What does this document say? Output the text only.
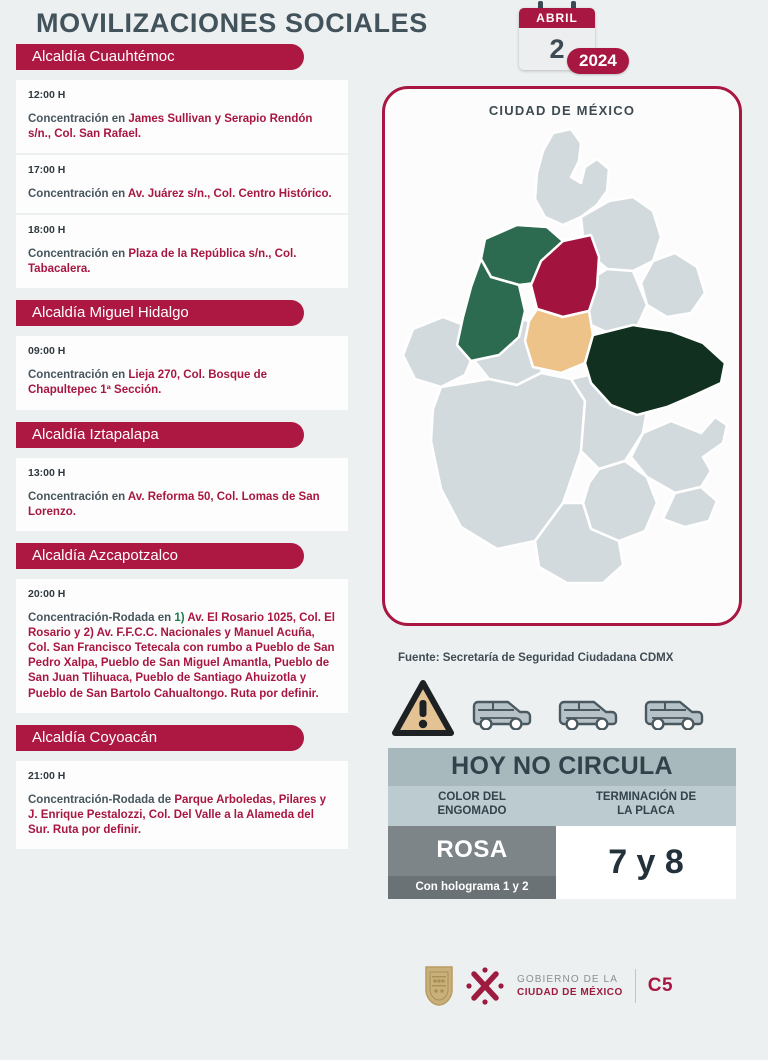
MOVILIZACIONES SOCIALES	ABRIL
2 2024
Alcaldía Cuauhtémoc
12:00 H
Concentración en James Sullivan y Serapio Rendón s/n., Col. San Rafael.
17:00 H
Concentración en Av. Juárez s/n., Col. Centro Histórico.
18:00 H
Concentración en Plaza de la República s/n., Col. Tabacalera.
Alcaldía Miguel Hidalgo
09:00 H
Concentración en Lieja 270, Col. Bosque de Chapultepec 1ª Sección.
Alcaldía Iztapalapa
13:00 H
Concentración en Av. Reforma 50, Col. Lomas de San Lorenzo.
Alcaldía Azcapotzalco
20:00 H
Concentración-Rodada en 1) Av. El Rosario 1025, Col. El Rosario y 2) Av. F.F.C.C. Nacionales y Manuel Acuña, Col. San Francisco Tetecala con rumbo a Pueblo de San Pedro Xalpa, Pueblo de San Miguel Amantla, Pueblo de San Juan Tlihuaca, Pueblo de Santiago Ahuizotla y Pueblo de San Bartolo Cahualtongo. Ruta por definir.
Alcaldía Coyoacán
21:00 H
Concentración-Rodada de Parque Arboledas, Pilares y J. Enrique Pestalozzi, Col. Del Valle a la Alameda del Sur. Ruta por definir.
CIUDAD DE MÉXICO
Fuente: Secretaría de Seguridad Ciudadana CDMX
HOY NO CIRCULA
COLOR DEL
ENGOMADO
TERMINACIÓN DE
LA PLACA
ROSA
Con holograma 1 y 2
7 y 8
GOBIERNO DE LA
CIUDAD DE MÉXICO C5
